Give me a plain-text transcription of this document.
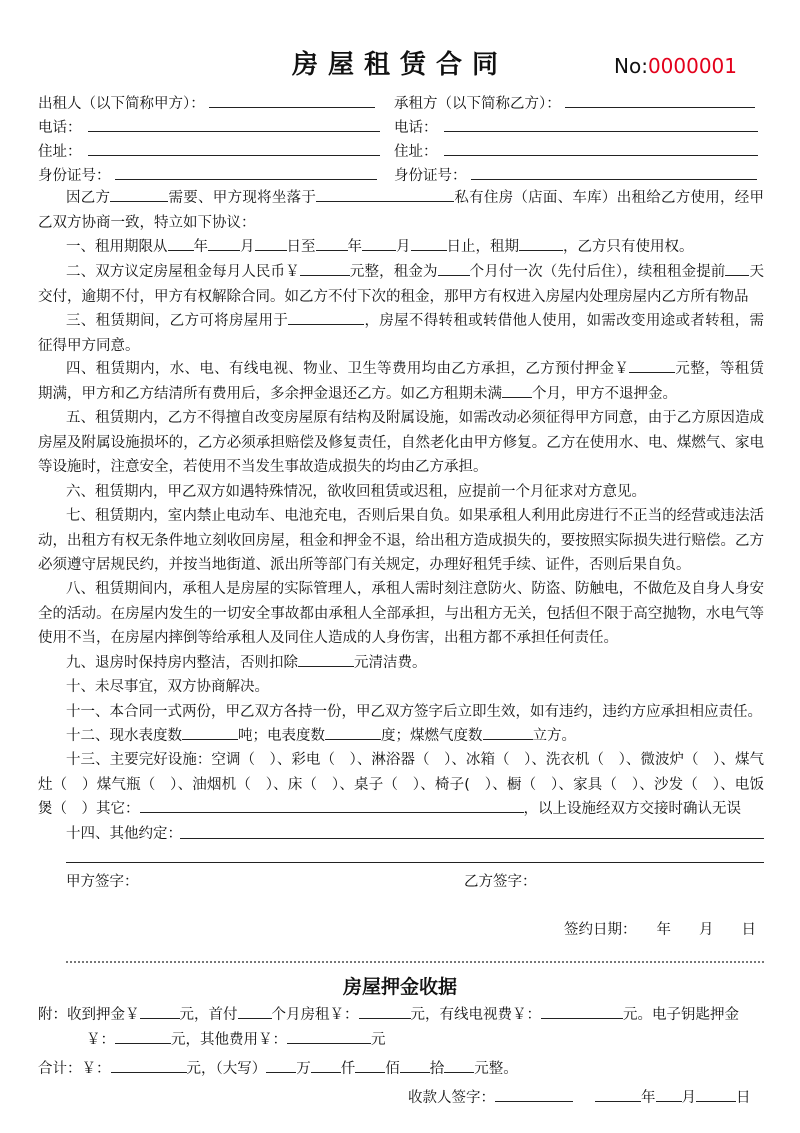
房屋租赁合同	No:0000001
出租人（以下简称甲方）：	承租方（以下简称乙方）：
电话：	电话：
住址：	住址：
身份证号：	身份证号：
因乙方	需要、甲方现将坐落于	私有住房（店面、车库）出租给乙方使用，经甲乙双方协商一致，特立如下协议：
一、租用期限从 年 月 日至 年 月 日止，租期	，乙方只有使用权。
二、双方议定房屋租金每月人民币￥	元整，租金为 个月付一次（先付后住），续租租金提前 天交付，逾期不付，甲方有权解除合同。如乙方不付下次的租金，那甲方有权进入房屋内处理房屋内乙方所有物品
三、租赁期间，乙方可将房屋用于	，房屋不得转租或转借他人使用，如需改变用途或者转租，需征得甲方同意。
四、租赁期内，水、电、有线电视、物业、卫生等费用均由乙方承担，乙方预付押金￥	元整，等租赁期满，甲方和乙方结清所有费用后，多余押金退还乙方。如乙方租期未满 个月，甲方不退押金。
五、租赁期内，乙方不得擅自改变房屋原有结构及附属设施，如需改动必须征得甲方同意，由于乙方原因造成房屋及附属设施损坏的，乙方必须承担赔偿及修复责任，自然老化由甲方修复。乙方在使用水、电、煤燃气、家电等设施时，注意安全，若使用不当发生事故造成损失的均由乙方承担。
六、租赁期内，甲乙双方如遇特殊情况，欲收回租赁或迟租，应提前一个月征求对方意见。
七、租赁期内，室内禁止电动车、电池充电，否则后果自负。如果承租人利用此房进行不正当的经营或违法活动，出租方有权无条件地立刻收回房屋，租金和押金不退，给出租方造成损失的，要按照实际损失进行赔偿。乙方必须遵守居规民约，并按当地街道、派出所等部门有关规定，办理好租凭手续、证件，否则后果自负。
八、租赁期间内，承租人是房屋的实际管理人，承租人需时刻注意防火、防盗、防触电，不做危及自身人身安全的活动。在房屋内发生的一切安全事故都由承租人全部承担，与出租方无关，包括但不限于高空抛物，水电气等使用不当，在房屋内摔倒等给承租人及同住人造成的人身伤害，出租方都不承担任何责任。
九、退房时保持房内整洁，否则扣除	元清洁费。
十、未尽事宜，双方协商解决。
十一、本合同一式两份，甲乙双方各持一份，甲乙双方签字后立即生效，如有违约，违约方应承担相应责任。
十二、现水表度数	吨；电表度数	度；煤燃气度数	立方。
十三、主要完好设施：空调（　）、彩电（　）、淋浴器（　）、冰箱（　）、洗衣机（　）、微波炉（　）、煤气灶（　）煤气瓶（　）、油烟机（　）、床（　）、桌子（　）、椅子(　）、橱（　）、家具（　）、沙发（　）、电饭煲（　）其它：	，以上设施经双方交接时确认无误
十四、其他约定：
甲方签字：	乙方签字：
签约日期： 年 月 日
房屋押金收据
附：收到押金￥	元，首付 个月房租￥：	元，有线电视费￥：	元。电子钥匙押金
￥：	元，其他费用￥：	元
合计：￥：	元，（大写） 万 仟 佰 拾 元整。
收款人签字：	年 月	日
